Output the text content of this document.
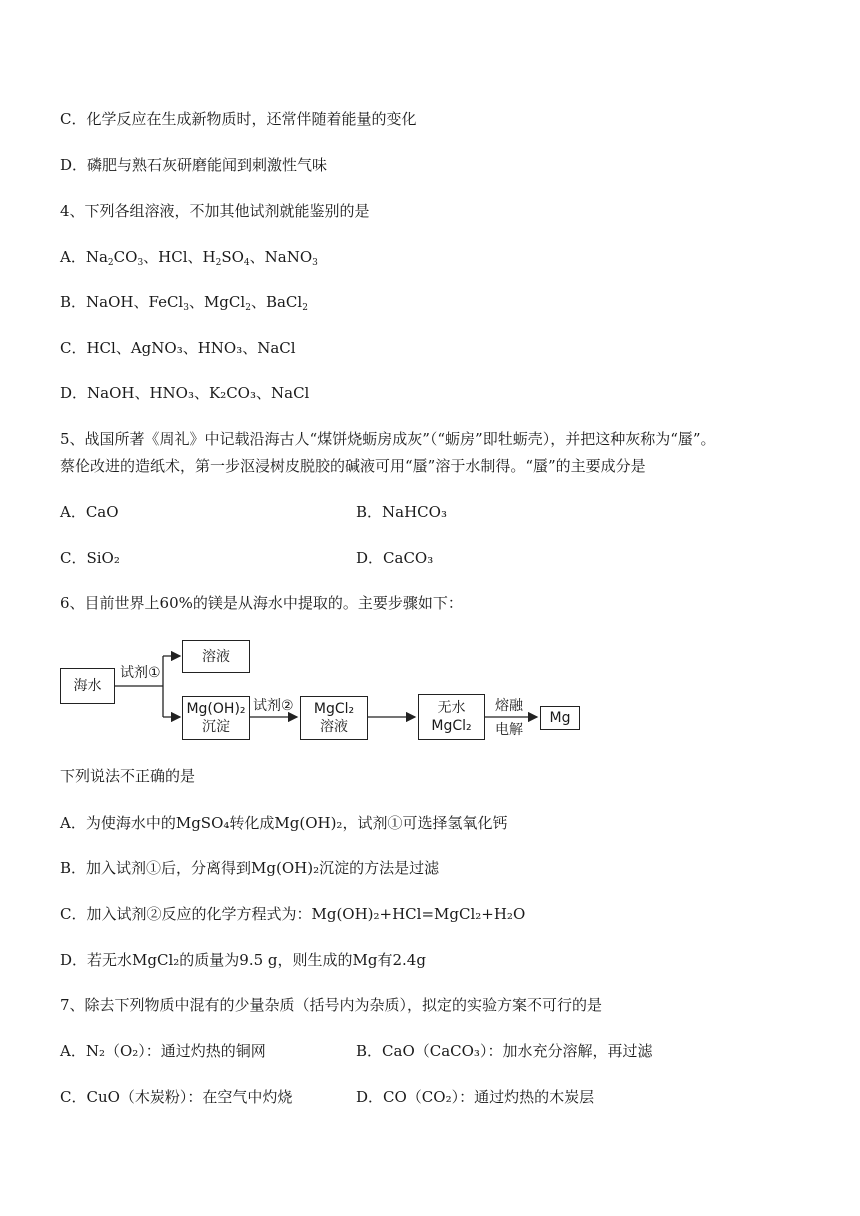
C．化学反应在生成新物质时，还常伴随着能量的变化
D．磷肥与熟石灰研磨能闻到刺激性气味
4、下列各组溶液，不加其他试剂就能鉴别的是
A．$Na_2CO_3$、HCl、$H_2SO_4$、NaNO$_3$
B．NaOH、FeCl$_3$、MgCl$_2$、BaCl$_2$
C．HCl、AgNO₃、HNO₃、NaCl
D．NaOH、HNO₃、K₂CO₃、NaCl
5、战国所著《周礼》中记载沿海古人“煤饼烧蛎房成灰”（“蛎房”即牡蛎壳），并把这种灰称为“蜃”。
蔡伦改进的造纸术，第一步沤浸树皮脱胶的碱液可用“蜃”溶于水制得。“蜃”的主要成分是
A．CaO	B．NaHCO₃
C．SiO₂	D．CaCO₃
6、目前世界上60%的镁是从海水中提取的。主要步骤如下：
海水
试剂①
溶液
Mg(OH)₂
沉淀
试剂② MgCl₂
溶液
无水
MgCl₂
熔融
电解
Mg
下列说法不正确的是
A．为使海水中的MgSO₄转化成Mg(OH)₂，试剂①可选择氢氧化钙
B．加入试剂①后，分离得到Mg(OH)₂沉淀的方法是过滤
C．加入试剂②反应的化学方程式为：Mg(OH)₂+HCl=MgCl₂+H₂O
D．若无水MgCl₂的质量为9.5 g，则生成的Mg有2.4g
7、除去下列物质中混有的少量杂质（括号内为杂质），拟定的实验方案不可行的是
A．N₂（O₂）：通过灼热的铜网	B．CaO（CaCO₃）：加水充分溶解，再过滤
C．CuO（木炭粉）：在空气中灼烧	D．CO（CO₂）：通过灼热的木炭层
